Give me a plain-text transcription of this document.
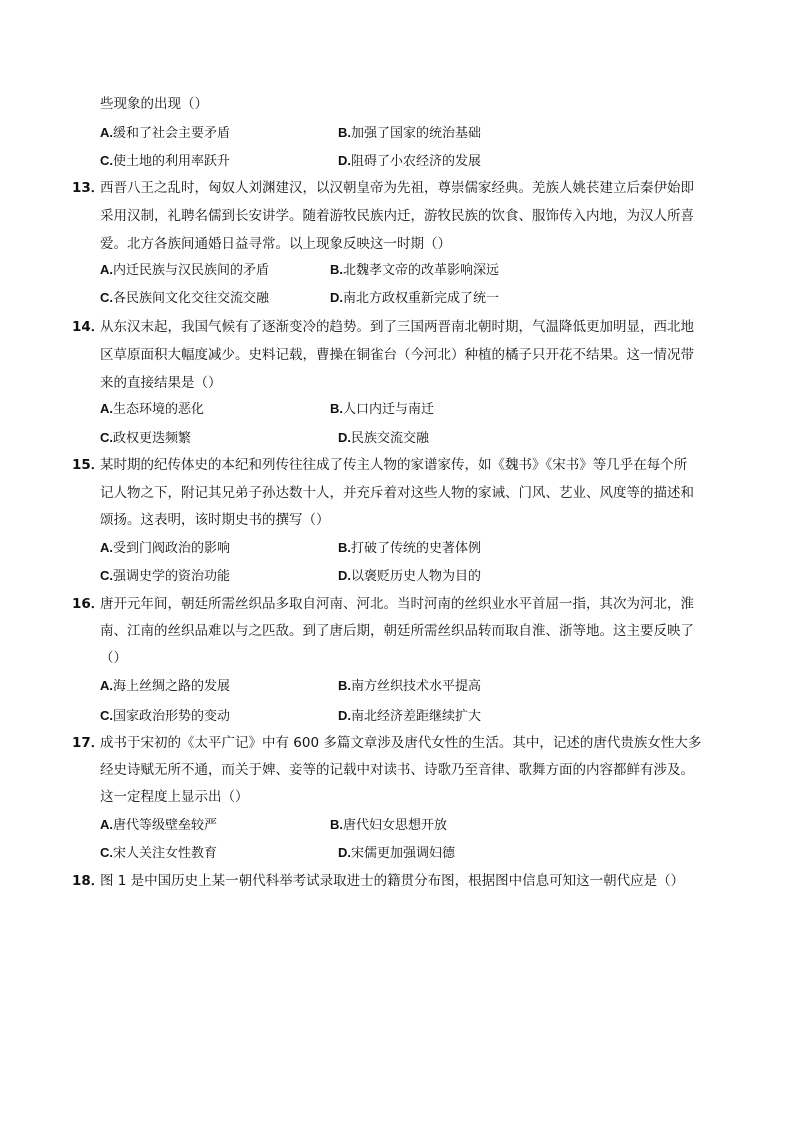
些现象的出现（）
A.缓和了社会主要矛盾	B.加强了国家的统治基础
C.使土地的利用率跃升	D.阻碍了小农经济的发展
13．
西晋八王之乱时，匈奴人刘渊建汉，以汉朝皇帝为先祖，尊崇儒家经典。羌族人姚苌建立后秦伊始即
采用汉制，礼聘名儒到长安讲学。随着游牧民族内迁，游牧民族的饮食、服饰传入内地，为汉人所喜
爱。北方各族间通婚日益寻常。以上现象反映这一时期（）
A.内迁民族与汉民族间的矛盾	B.北魏孝文帝的改革影响深远
C.各民族间文化交往交流交融	D.南北方政权重新完成了统一
14．
从东汉末起，我国气候有了逐渐变冷的趋势。到了三国两晋南北朝时期，气温降低更加明显，西北地
区草原面积大幅度减少。史料记载，曹操在铜雀台（今河北）种植的橘子只开花不结果。这一情况带
来的直接结果是（）
A.生态环境的恶化	B.人口内迁与南迁
C.政权更迭频繁	D.民族交流交融
15．
某时期的纪传体史的本纪和列传往往成了传主人物的家谱家传，如《魏书》《宋书》等几乎在每个所
记人物之下，附记其兄弟子孙达数十人，并充斥着对这些人物的家诫、门风、艺业、风度等的描述和
颂扬。这表明，该时期史书的撰写（）
A.受到门阀政治的影响	B.打破了传统的史著体例
C.强调史学的资治功能	D.以褒贬历史人物为目的
16．
唐开元年间，朝廷所需丝织品多取自河南、河北。当时河南的丝织业水平首屈一指，其次为河北，淮
南、江南的丝织品难以与之匹敌。到了唐后期，朝廷所需丝织品转而取自淮、浙等地。这主要反映了
（）
A.海上丝绸之路的发展	B.南方丝织技术水平提高
C.国家政治形势的变动	D.南北经济差距继续扩大
17．
成书于宋初的《太平广记》中有 600 多篇文章涉及唐代女性的生活。其中，记述的唐代贵族女性大多
经史诗赋无所不通，而关于婢、妾等的记载中对读书、诗歌乃至音律、歌舞方面的内容都鲜有涉及。
这一定程度上显示出（）
A.唐代等级壁垒较严	B.唐代妇女思想开放
C.宋人关注女性教育	D.宋儒更加强调妇德
18．
图 1 是中国历史上某一朝代科举考试录取进士的籍贯分布图，根据图中信息可知这一朝代应是（）
